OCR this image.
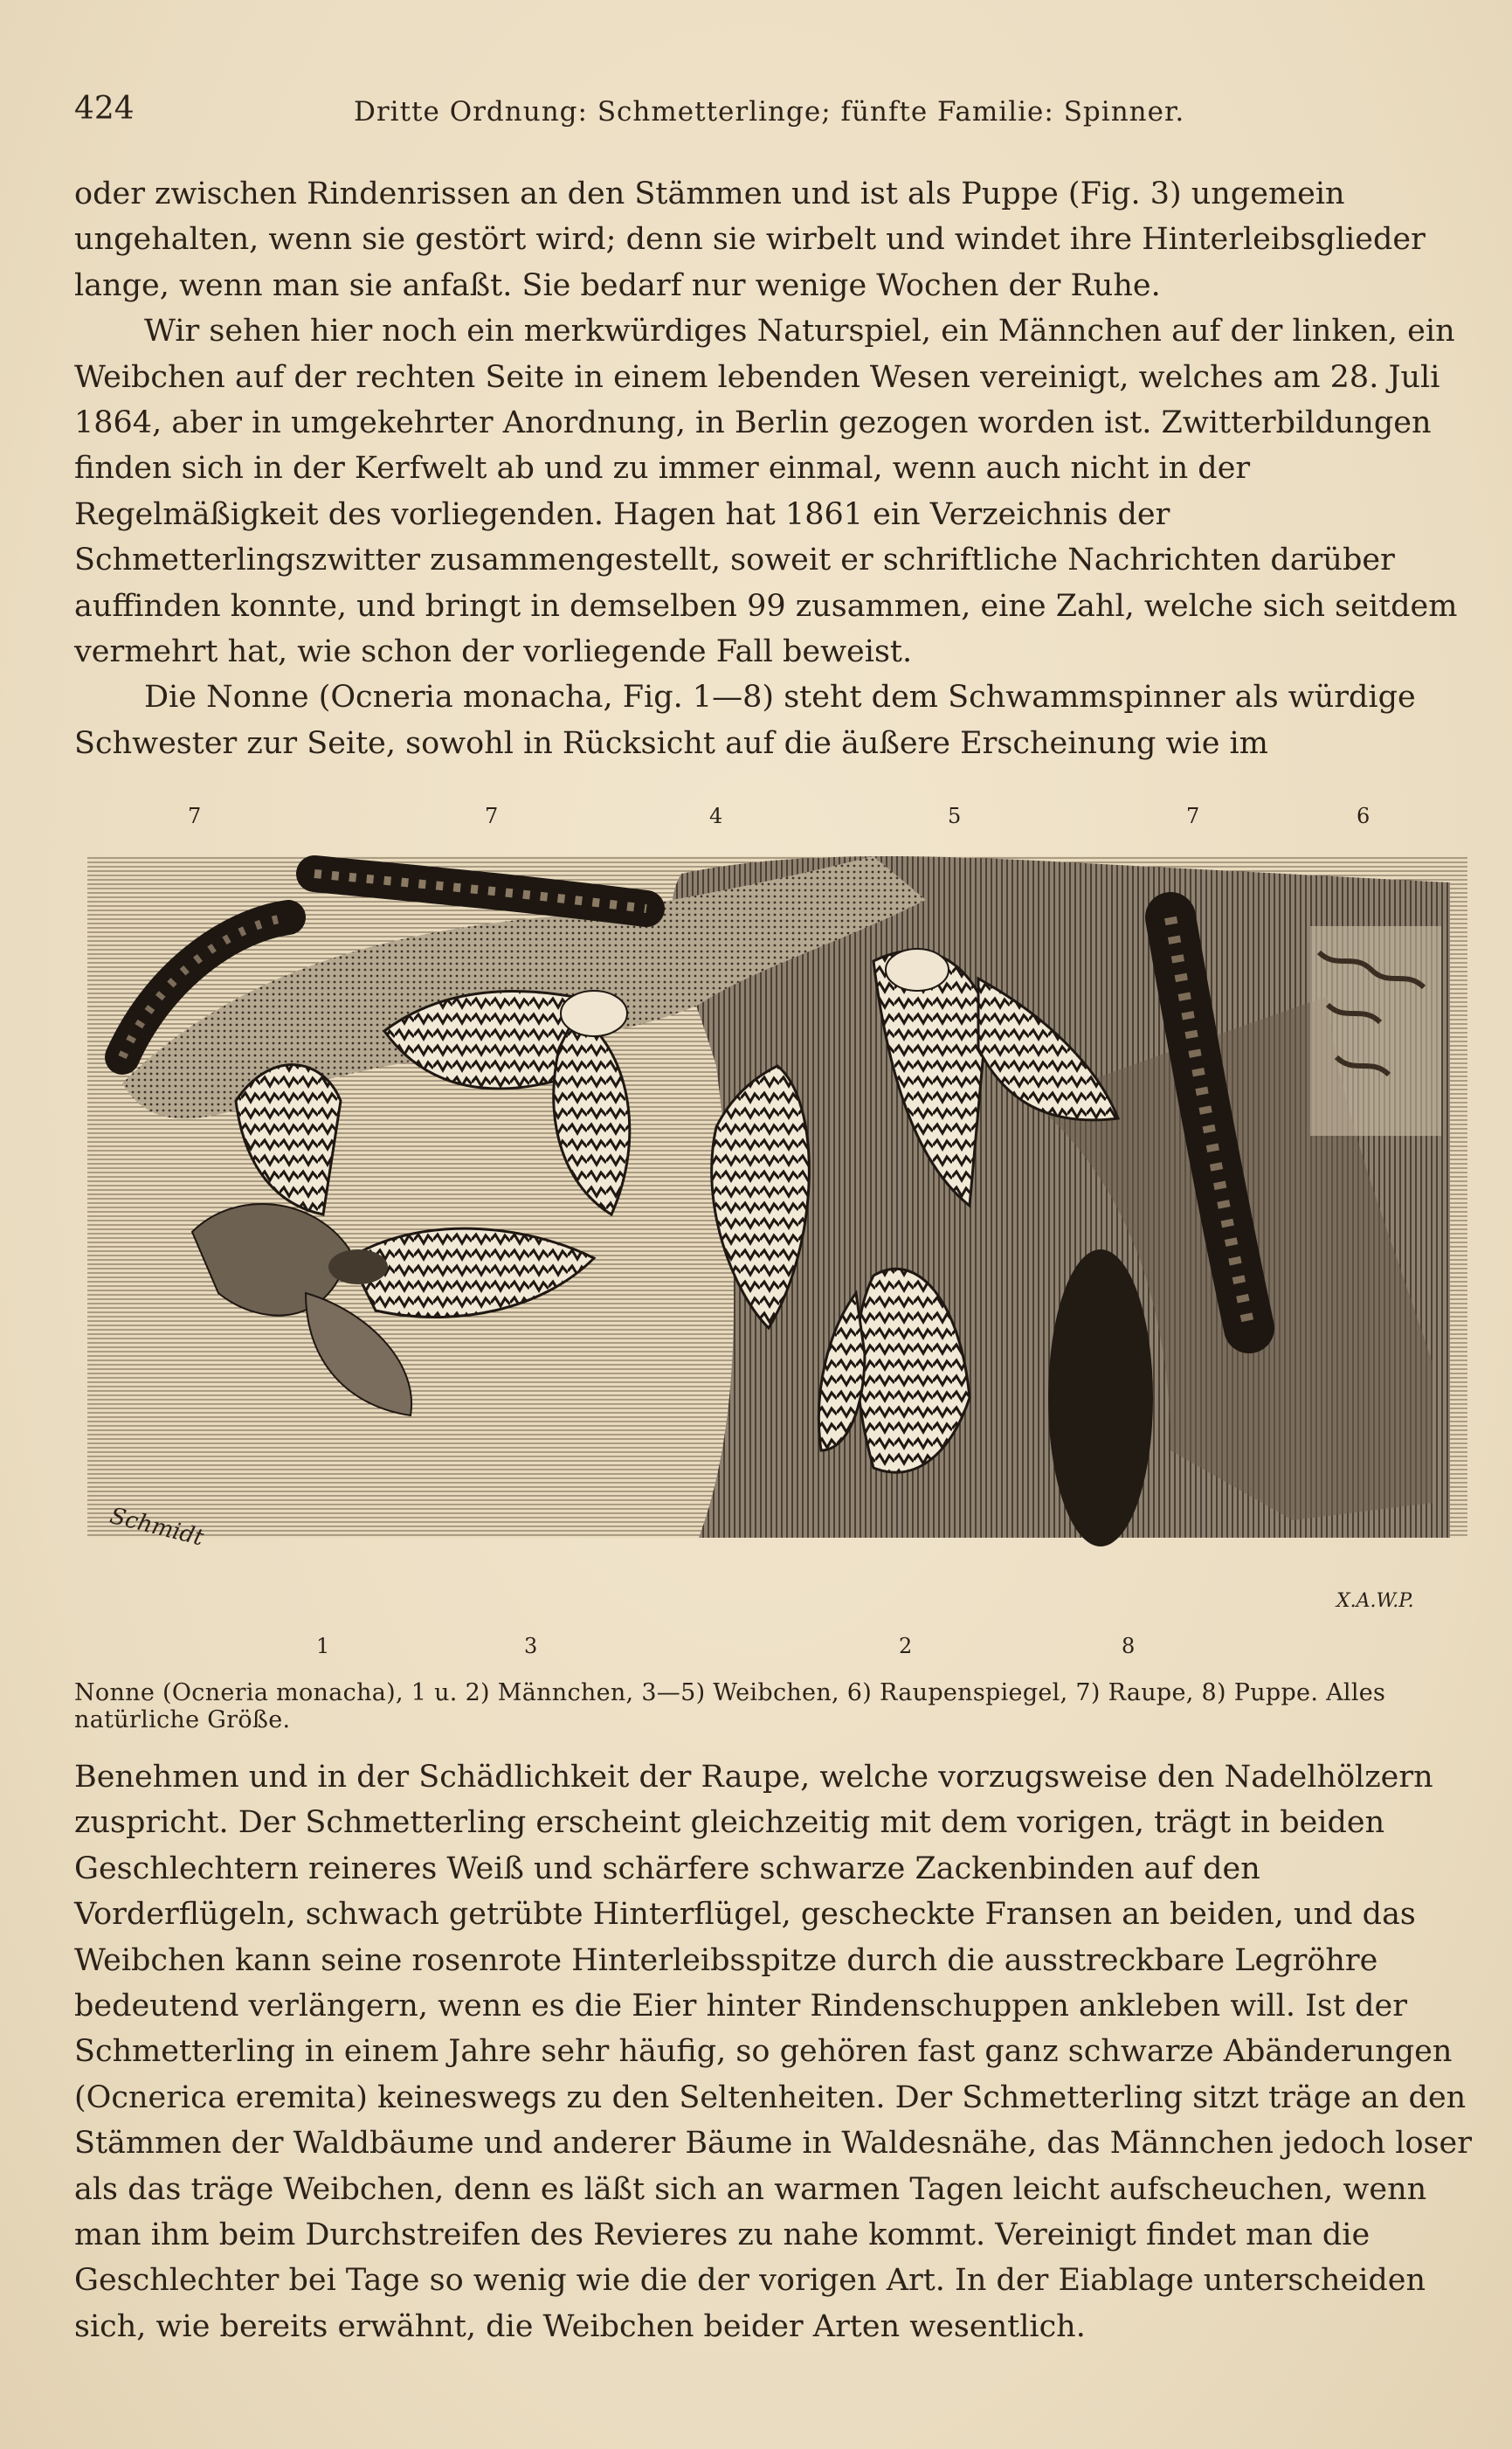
424	Dritte Ordnung: Schmetterlinge; fünfte Familie: Spinner.

oder zwischen Rindenrissen an den Stämmen und ist als Puppe (Fig. 3) ungemein ungehalten, wenn sie gestört wird; denn sie wirbelt und windet ihre Hinterleibsglieder lange, wenn man sie anfaßt. Sie bedarf nur wenige Wochen der Ruhe.

Wir sehen hier noch ein merkwürdiges Naturspiel, ein Männchen auf der linken, ein Weibchen auf der rechten Seite in einem lebenden Wesen vereinigt, welches am 28. Juli 1864, aber in umgekehrter Anordnung, in Berlin gezogen worden ist. Zwitterbildungen finden sich in der Kerfwelt ab und zu immer einmal, wenn auch nicht in der Regelmäßigkeit des vorliegenden. Hagen hat 1861 ein Verzeichnis der Schmetterlingszwitter zusammengestellt, soweit er schriftliche Nachrichten darüber auffinden konnte, und bringt in demselben 99 zusammen, eine Zahl, welche sich seitdem vermehrt hat, wie schon der vorliegende Fall beweist.

Die Nonne (Ocneria monacha, Fig. 1—8) steht dem Schwammspinner als würdige Schwester zur Seite, sowohl in Rücksicht auf die äußere Erscheinung wie im

7	7	4	5	7	6
Schmidt
X.A.W.P.
1	3	2	8
Nonne (Ocneria monacha), 1 u. 2) Männchen, 3—5) Weibchen, 6) Raupenspiegel, 7) Raupe, 8) Puppe. Alles natürliche Größe.

Benehmen und in der Schädlichkeit der Raupe, welche vorzugsweise den Nadelhölzern zuspricht. Der Schmetterling erscheint gleichzeitig mit dem vorigen, trägt in beiden Geschlechtern reineres Weiß und schärfere schwarze Zackenbinden auf den Vorderflügeln, schwach getrübte Hinterflügel, gescheckte Fransen an beiden, und das Weibchen kann seine rosenrote Hinterleibsspitze durch die ausstreckbare Legröhre bedeutend verlängern, wenn es die Eier hinter Rindenschuppen ankleben will. Ist der Schmetterling in einem Jahre sehr häufig, so gehören fast ganz schwarze Abänderungen (Ocnerica eremita) keineswegs zu den Seltenheiten. Der Schmetterling sitzt träge an den Stämmen der Waldbäume und anderer Bäume in Waldesnähe, das Männchen jedoch loser als das träge Weibchen, denn es läßt sich an warmen Tagen leicht aufscheuchen, wenn man ihm beim Durchstreifen des Revieres zu nahe kommt. Vereinigt findet man die Geschlechter bei Tage so wenig wie die der vorigen Art. In der Eiablage unterscheiden sich, wie bereits erwähnt, die Weibchen beider Arten wesentlich.
